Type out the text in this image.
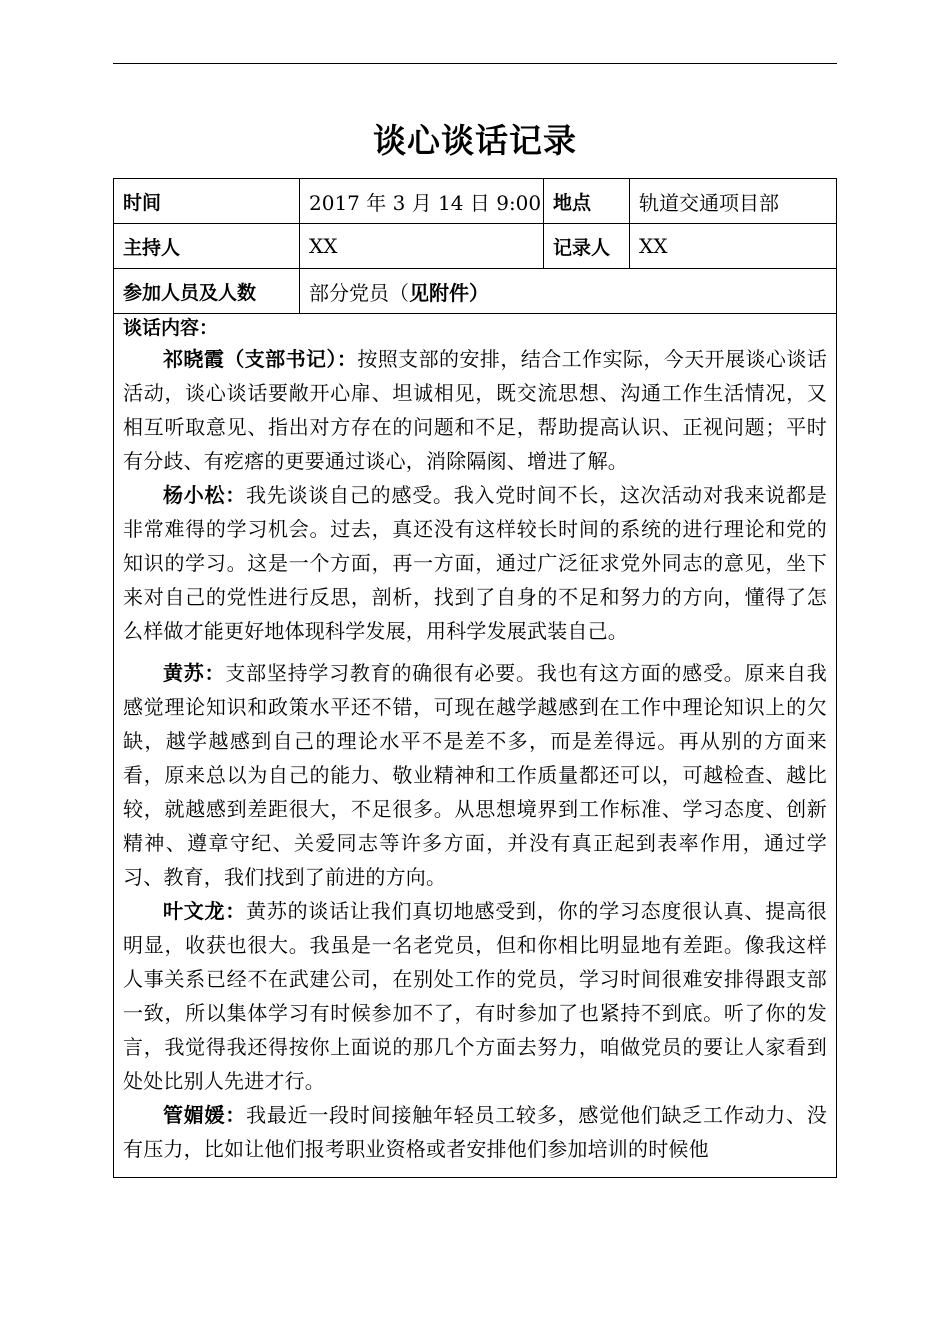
谈心谈话记录
时间	2017 年 3 月 14 日 9:00 地点	轨道交通项目部
主持人	XX	记录人	XX
参加人员及人数	部分党员（ 见附件）
谈话内容：

祁晓霞（支部书记）：按照支部的安排，结合工作实际，今天开展谈心谈话活动，谈心谈话要敞开心扉、坦诚相见，既交流思想、沟通工作生活情况，又相互听取意见、指出对方存在的问题和不足，帮助提高认识、正视问题；平时有分歧、有疙瘩的更要通过谈心，消除隔阂、增进了解。

杨小松：我先谈谈自己的感受。我入党时间不长，这次活动对我来说都是非常难得的学习机会。过去，真还没有这样较长时间的系统的进行理论和党的知识的学习。这是一个方面，再一方面，通过广泛征求党外同志的意见，坐下来对自己的党性进行反思，剖析，找到了自身的不足和努力的方向，懂得了怎么样做才能更好地体现科学发展，用科学发展武装自己。

黄苏：支部坚持学习教育的确很有必要。我也有这方面的感受。原来自我感觉理论知识和政策水平还不错，可现在越学越感到在工作中理论知识上的欠缺，越学越感到自己的理论水平不是差不多，而是差得远。再从别的方面来看，原来总以为自己的能力、敬业精神和工作质量都还可以，可越检查、越比较，就越感到差距很大，不足很多。从思想境界到工作标准、学习态度、创新精神、遵章守纪、关爱同志等许多方面，并没有真正起到表率作用，通过学习、教育，我们找到了前进的方向。

叶文龙：黄苏的谈话让我们真切地感受到，你的学习态度很认真、提高很明显，收获也很大。我虽是一名老党员，但和你相比明显地有差距。像我这样人事关系已经不在武建公司，在别处工作的党员，学习时间很难安排得跟支部一致，所以集体学习有时候参加不了，有时参加了也紧持不到底。听了你的发言，我觉得我还得按你上面说的那几个方面去努力，咱做党员的要让人家看到处处比别人先进才行。

管媚媛：我最近一段时间接触年轻员工较多，感觉他们缺乏工作动力、没有压力，比如让他们报考职业资格或者安排他们参加培训的时候他
